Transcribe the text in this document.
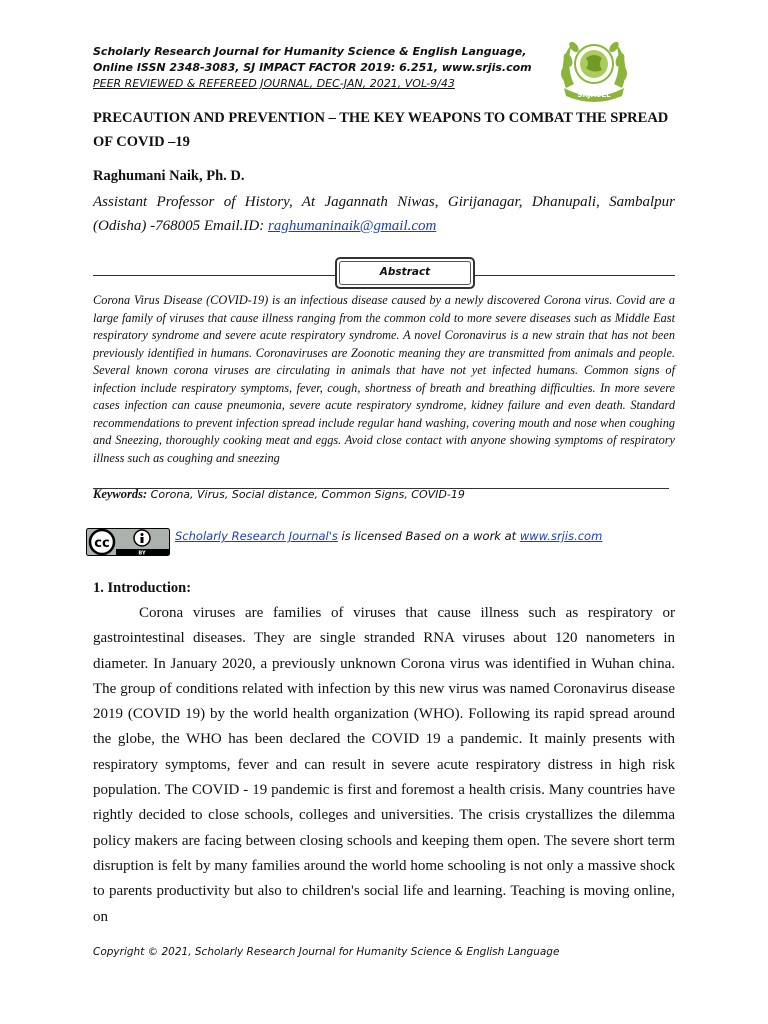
Scholarly Research Journal for Humanity Science & English Language,
Online ISSN 2348-3083, SJ IMPACT FACTOR 2019: 6.251, www.srjis.com
PEER REVIEWED & REFEREED JOURNAL, DEC-JAN, 2021, VOL-9/43
SRJHSEL
PRECAUTION AND PREVENTION – THE KEY WEAPONS TO COMBAT THE SPREAD OF COVID –19
Raghumani Naik, Ph. D.
Assistant Professor of History, At Jagannath Niwas, Girijanagar, Dhanupali, Sambalpur (Odisha) -768005 Email.ID: raghumaninaik@gmail.com
Abstract
Corona Virus Disease (COVID-19) is an infectious disease caused by a newly discovered Corona virus. Covid are a large family of viruses that cause illness ranging from the common cold to more severe diseases such as Middle East respiratory syndrome and severe acute respiratory syndrome. A novel Coronavirus is a new strain that has not been previously identified in humans. Coronaviruses are Zoonotic meaning they are transmitted from animals and people. Several known corona viruses are circulating in animals that have not yet infected humans. Common signs of infection include respiratory symptoms, fever, cough, shortness of breath and breathing difficulties. In more severe cases infection can cause pneumonia, severe acute respiratory syndrome, kidney failure and even death. Standard recommendations to prevent infection spread include regular hand washing, covering mouth and nose when coughing and Sneezing, thoroughly cooking meat and eggs. Avoid close contact with anyone showing symptoms of respiratory illness such as coughing and sneezing
Keywords: Corona, Virus, Social distance, Common Signs, COVID-19
cc
BY
Scholarly Research Journal's is licensed Based on a work at www.srjis.com
1. Introduction:

Corona viruses are families of viruses that cause illness such as respiratory or gastrointestinal diseases. They are single stranded RNA viruses about 120 nanometers in diameter. In January 2020, a previously unknown Corona virus was identified in Wuhan china. The group of conditions related with infection by this new virus was named Coronavirus disease 2019 (COVID 19) by the world health organization (WHO). Following its rapid spread around the globe, the WHO has been declared the COVID 19 a pandemic. It mainly presents with respiratory symptoms, fever and can result in severe acute respiratory distress in high risk population. The COVID - 19 pandemic is first and foremost a health crisis. Many countries have rightly decided to close schools, colleges and universities. The crisis crystallizes the dilemma policy makers are facing between closing schools and keeping them open. The severe short term disruption is felt by many families around the world home schooling is not only a massive shock to parents productivity but also to children's social life and learning. Teaching is moving online, on

Copyright © 2021, Scholarly Research Journal for Humanity Science & English Language
